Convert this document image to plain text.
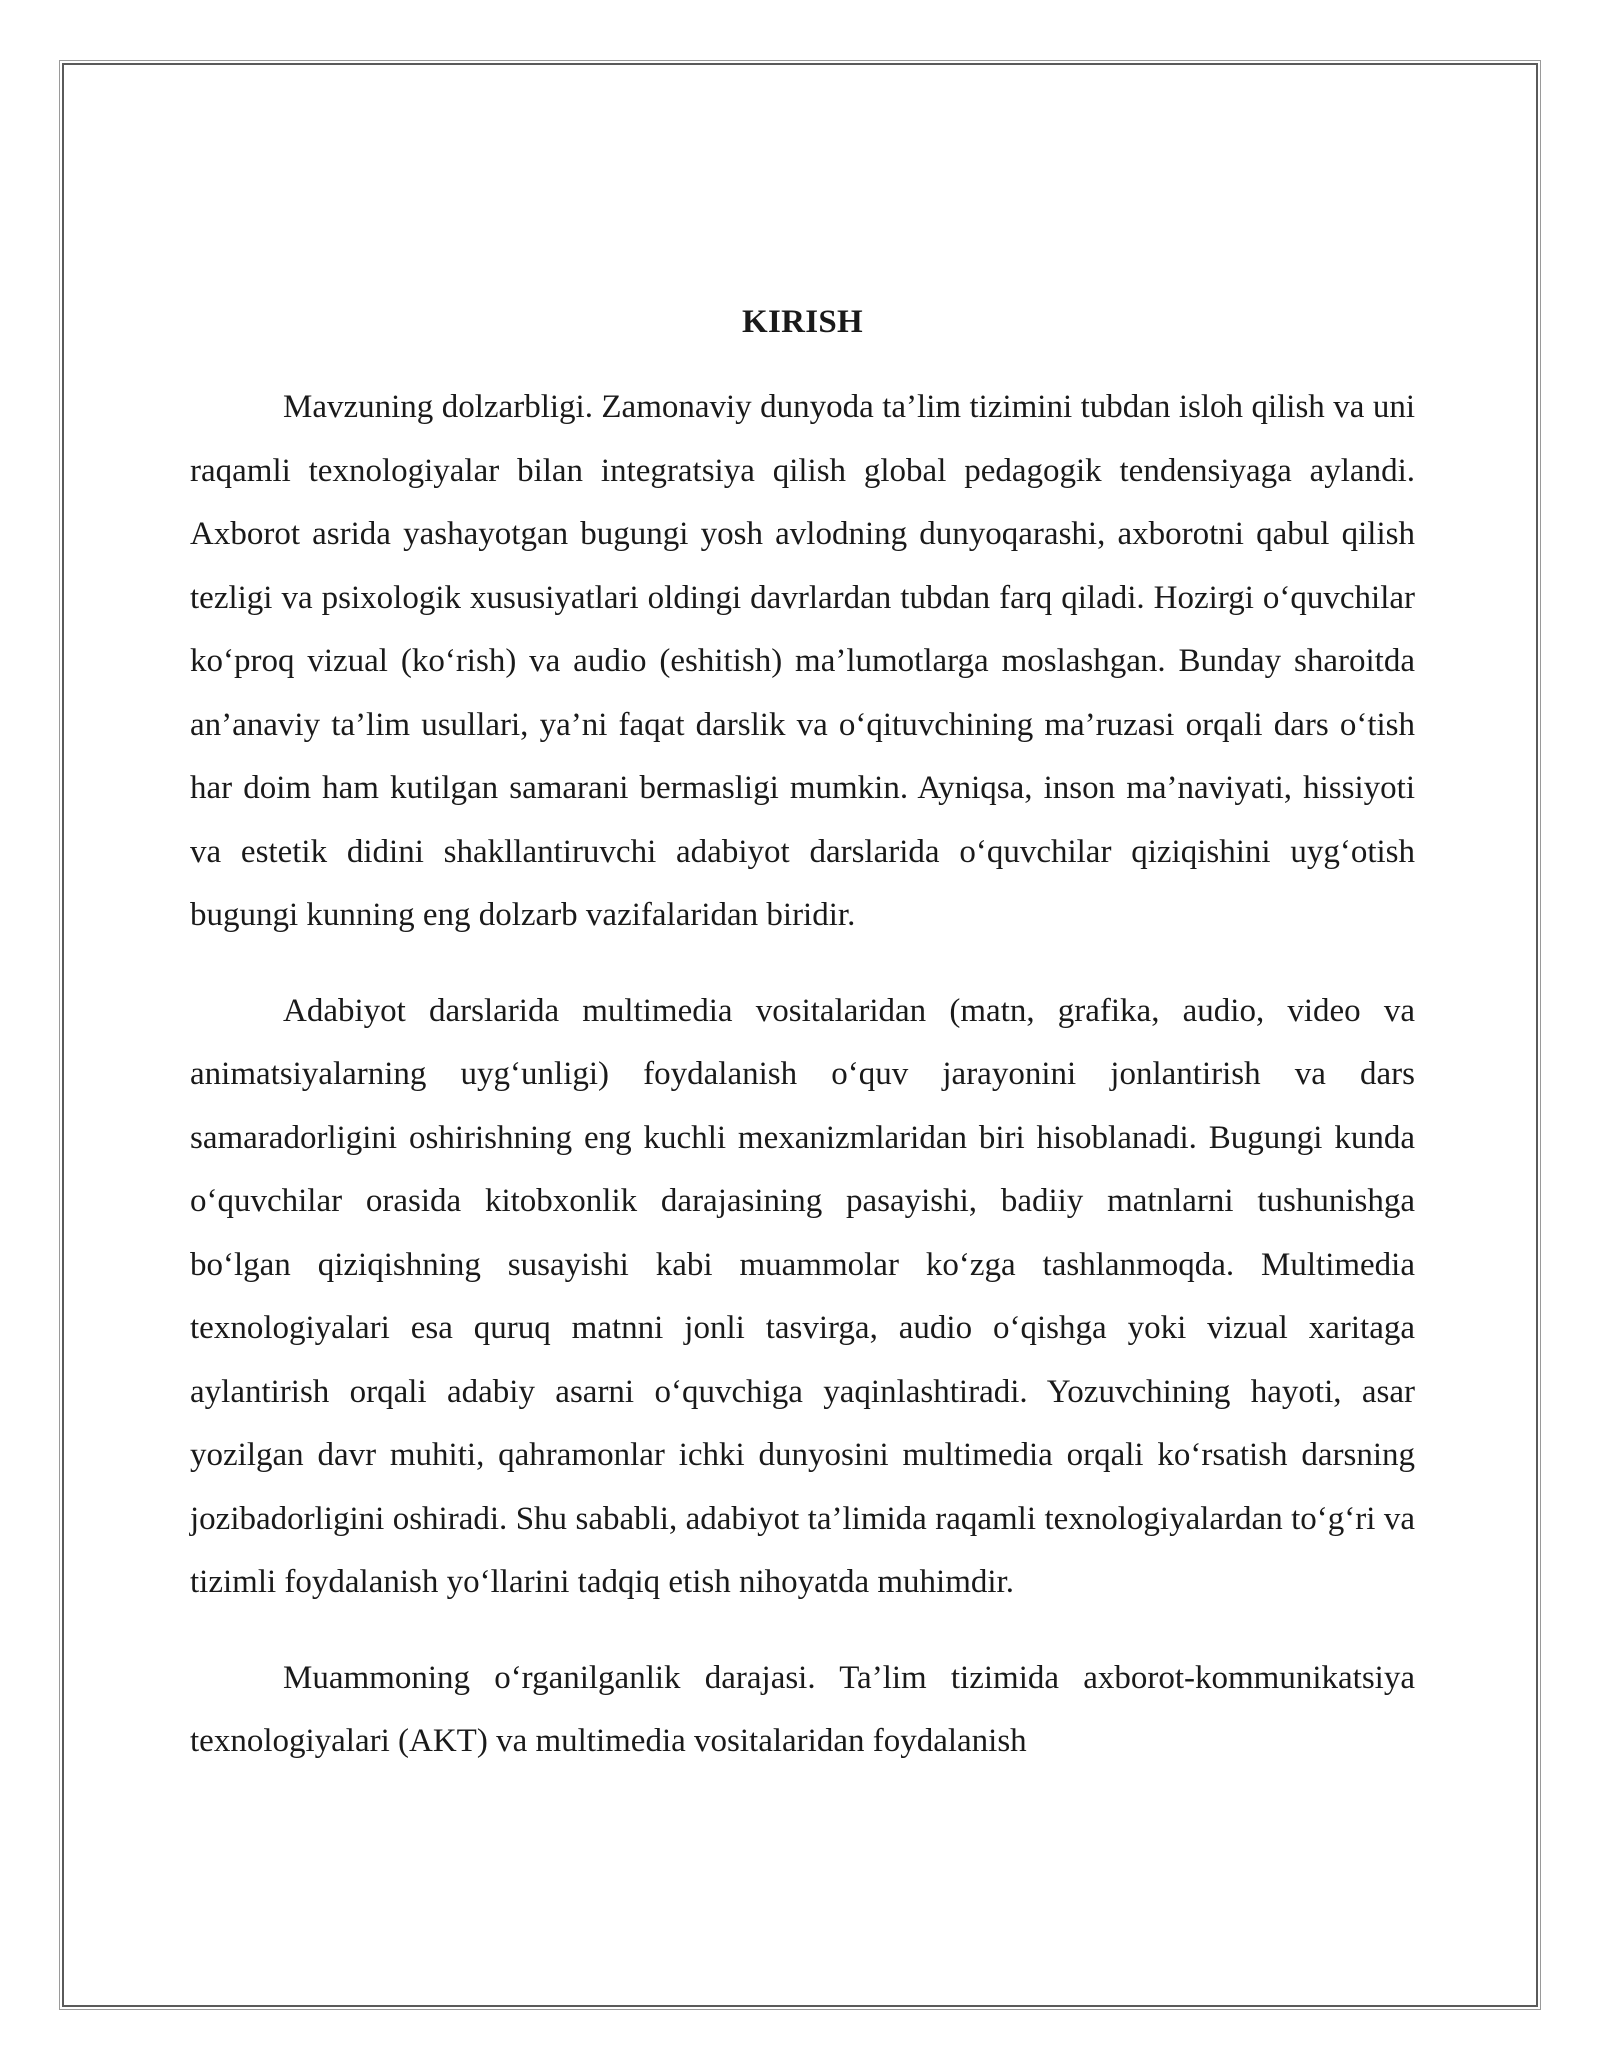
KIRISH

Mavzuning dolzarbligi. Zamonaviy dunyoda ta’lim tizimini tubdan isloh qilish va uni raqamli texnologiyalar bilan integratsiya qilish global pedagogik tendensiyaga aylandi. Axborot asrida yashayotgan bugungi yosh avlodning dunyoqarashi, axborotni qabul qilish tezligi va psixologik xususiyatlari oldingi davrlardan tubdan farq qiladi. Hozirgi o‘quvchilar ko‘proq vizual (ko‘rish) va audio (eshitish) ma’lumotlarga moslashgan. Bunday sharoitda an’anaviy ta’lim usullari, ya’ni faqat darslik va o‘qituvchining ma’ruzasi orqali dars o‘tish har doim ham kutilgan samarani bermasligi mumkin. Ayniqsa, inson ma’naviyati, hissiyoti va estetik didini shakllantiruvchi adabiyot darslarida o‘quvchilar qiziqishini uyg‘otish bugungi kunning eng dolzarb vazifalaridan biridir.

Adabiyot darslarida multimedia vositalaridan (matn, grafika, audio, video va animatsiyalarning uyg‘unligi) foydalanish o‘quv jarayonini jonlantirish va dars samaradorligini oshirishning eng kuchli mexanizmlaridan biri hisoblanadi. Bugungi kunda o‘quvchilar orasida kitobxonlik darajasining pasayishi, badiiy matnlarni tushunishga bo‘lgan qiziqishning susayishi kabi muammolar ko‘zga tashlanmoqda. Multimedia texnologiyalari esa quruq matnni jonli tasvirga, audio o‘qishga yoki vizual xaritaga aylantirish orqali adabiy asarni o‘quvchiga yaqinlashtiradi. Yozuvchining hayoti, asar yozilgan davr muhiti, qahramonlar ichki dunyosini multimedia orqali ko‘rsatish darsning jozibadorligini oshiradi. Shu sababli, adabiyot ta’limida raqamli texnologiyalardan to‘g‘ri va tizimli foydalanish yo‘llarini tadqiq etish nihoyatda muhimdir.

Muammoning o‘rganilganlik darajasi. Ta’lim tizimida axborot-kommunikatsiya texnologiyalari (AKT) va multimedia vositalaridan foydalanish
